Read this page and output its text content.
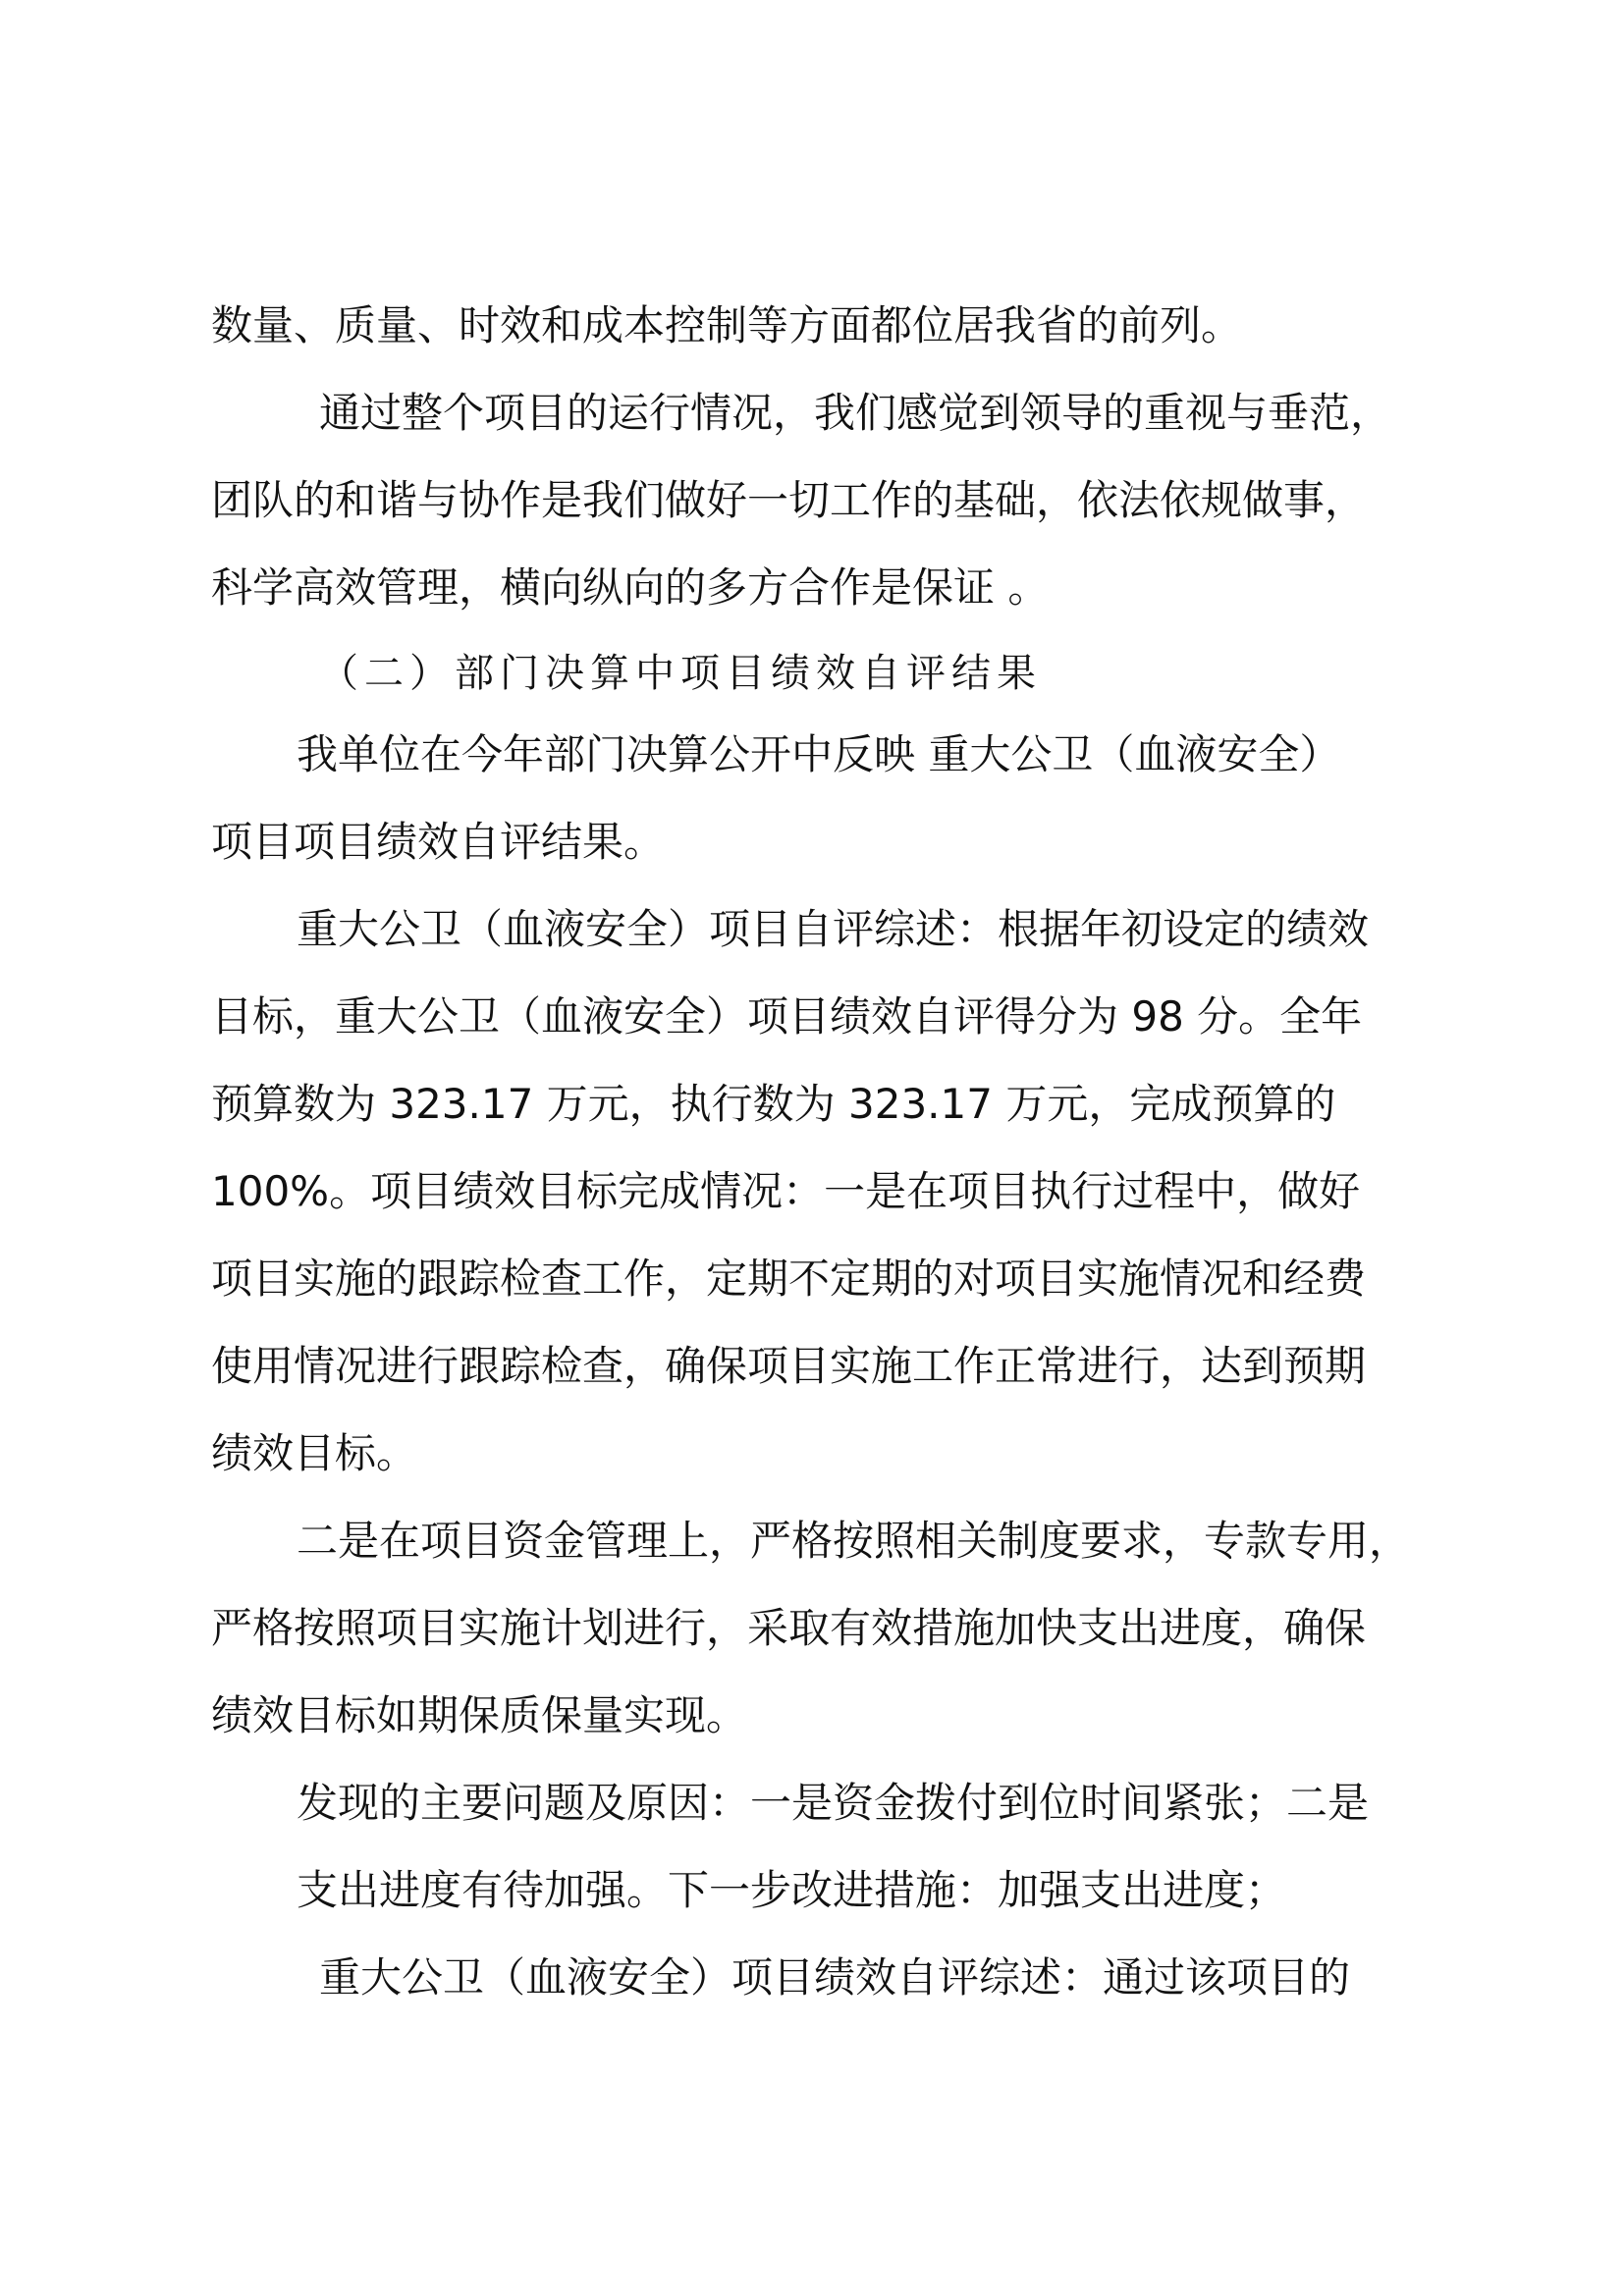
数量、质量、时效和成本控制等方面都位居我省的前列。
通过整个项目的运行情况，我们感觉到领导的重视与垂范，
团队的和谐与协作是我们做好一切工作的基础，依法依规做事，
科学高效管理，横向纵向的多方合作是保证 。
（二）部门决算中项目绩效自评结果
我单位在今年部门决算公开中反映 重大公卫（血液安全）
项目项目绩效自评结果。
重大公卫（血液安全）项目自评综述：根据年初设定的绩效
目标，重大公卫（血液安全）项目绩效自评得分为 98 分。全年
预算数为 323.17 万元，执行数为 323.17 万元，完成预算的
100%。项目绩效目标完成情况：一是在项目执行过程中，做好
项目实施的跟踪检查工作，定期不定期的对项目实施情况和经费
使用情况进行跟踪检查，确保项目实施工作正常进行，达到预期
绩效目标。
二是在项目资金管理上，严格按照相关制度要求，专款专用，
严格按照项目实施计划进行，采取有效措施加快支出进度，确保
绩效目标如期保质保量实现。
发现的主要问题及原因：一是资金拨付到位时间紧张；二是
支出进度有待加强。下一步改进措施：加强支出进度；
重大公卫（血液安全）项目绩效自评综述：通过该项目的
